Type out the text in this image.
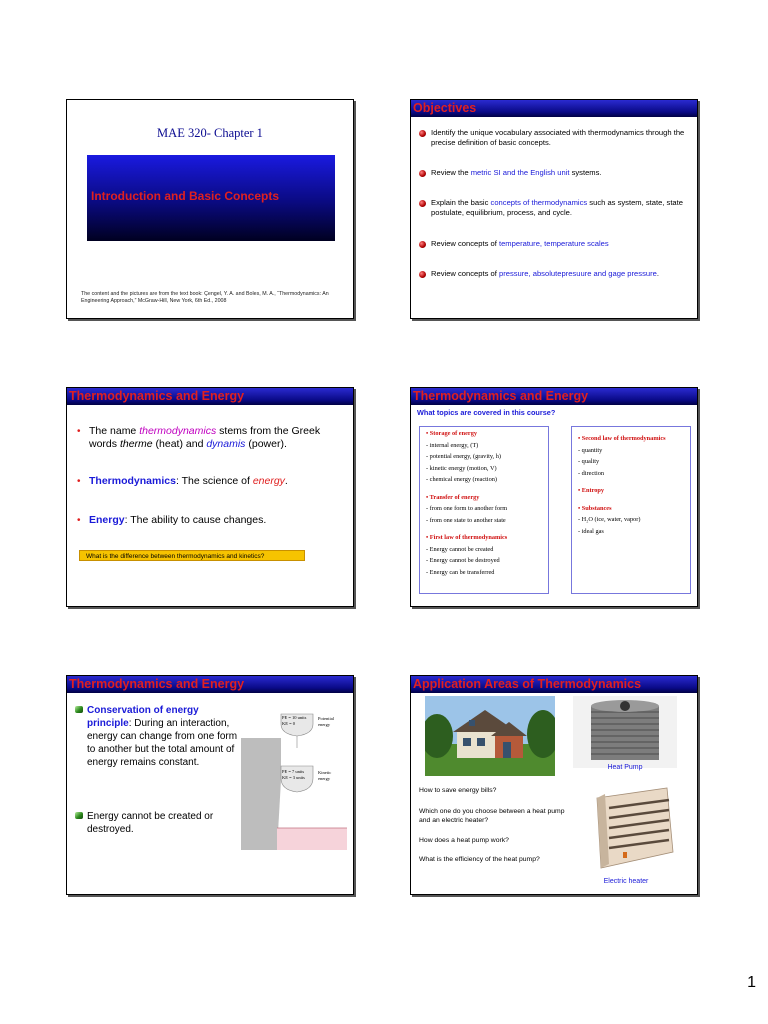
MAE 320- Chapter 1
Introduction and Basic Concepts
The content and the pictures are from the text book: Çengel, Y. A. and Boles, M. A., “Thermodynamics: An Engineering Approach,” McGraw-Hill, New York, 6th Ed., 2008
Objectives
Identify the unique vocabulary associated with thermodynamics through the precise definition of basic concepts.
Review the metric SI and the English unit systems.
Explain the basic concepts of thermodynamics such as system, state, state postulate, equilibrium, process, and cycle.
Review concepts of temperature, temperature scales
Review concepts of pressure, absolutepresuure and gage pressure.
Thermodynamics and Energy
• The name thermodynamics stems from the Greek words therme (heat) and dynamis (power).
• Thermodynamics: The science of energy.
• Energy: The ability to cause changes.
What is the difference between thermodynamics and kinetics?
Thermodynamics and Energy
What topics are covered in this course?
• Storage of energy
- internal energy, (T)
- potential energy, (gravity, h)
- kinetic energy (motion, V)
- chemical energy (reaction)
• Transfer of energy
- from one form to another form
- from one state to another state
• First law of thermodynamics
- Energy cannot be created
- Energy cannot be destroyed
- Energy can be transferred
• Second law of thermodynamics
- quantity
- quality
- direction
• Entropy
• Substances
- H₂O (ice, water, vapor)
- ideal gas
Thermodynamics and Energy
Conservation of energy principle: During an interaction, energy can change from one form to another but the total amount of energy remains constant.
Energy cannot be created or destroyed.
PE = 10 units
KE = 0
Potential
energy
PE = 7 units
KE = 3 units
Kinetic
energy
Application Areas of Thermodynamics
Heat Pump
How to save energy bills?
Which one do you choose between a heat pump and an electric heater?
How does a heat pump work?
What is the efficiency of the heat pump?
Electric heater
1
